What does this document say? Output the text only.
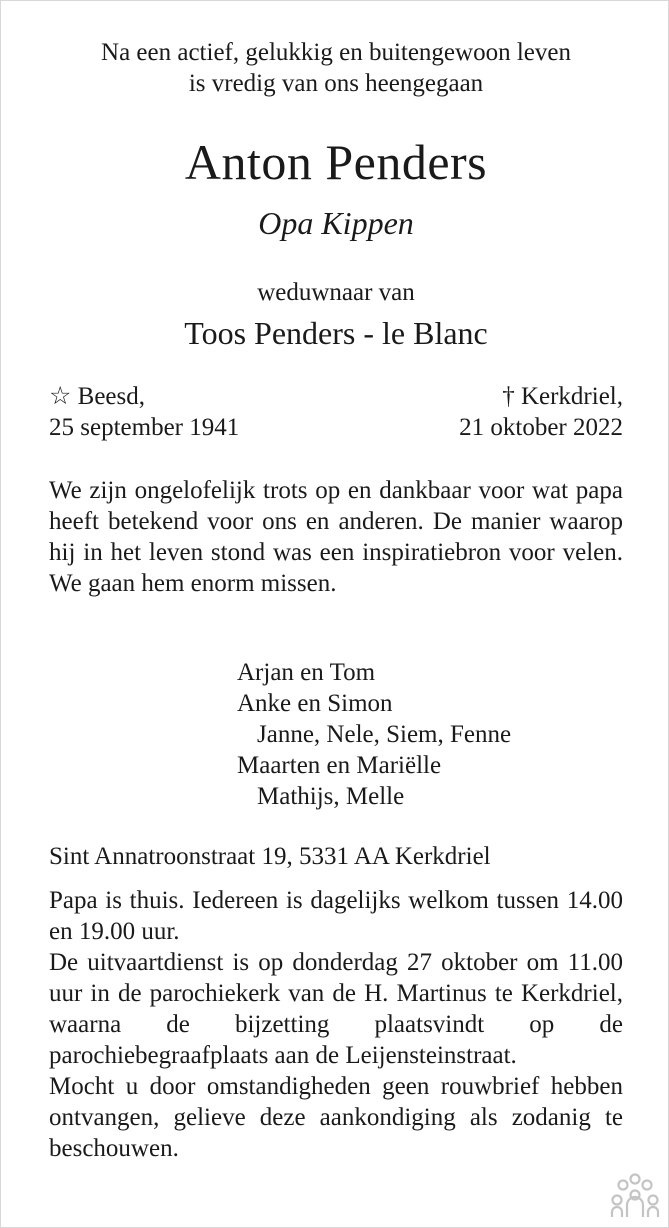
Na een actief, gelukkig en buitengewoon leven
is vredig van ons heengegaan
Anton Penders
Opa Kippen
weduwnaar van
Toos Penders - le Blanc
☆ Beesd,
25 september 1941
† Kerkdriel,
21 oktober 2022
We zijn ongelofelijk trots op en dankbaar voor wat papa heeft betekend voor ons en anderen. De manier waarop hij in het leven stond was een inspiratiebron voor velen. We gaan hem enorm missen.
Arjan en Tom
Anke en Simon
Janne, Nele, Siem, Fenne
Maarten en Mariëlle
Mathijs, Melle
Sint Annatroonstraat 19, 5331 AA Kerkdriel

Papa is thuis. Iedereen is dagelijks welkom tussen 14.00 en 19.00 uur.

De uitvaartdienst is op donderdag 27 oktober om 11.00 uur in de parochiekerk van de H. Martinus te Kerkdriel, waarna de bijzetting plaatsvindt op de parochiebegraafplaats aan de Leijensteinstraat.

Mocht u door omstandigheden geen rouwbrief hebben ontvangen, gelieve deze aankondiging als zodanig te beschouwen.
